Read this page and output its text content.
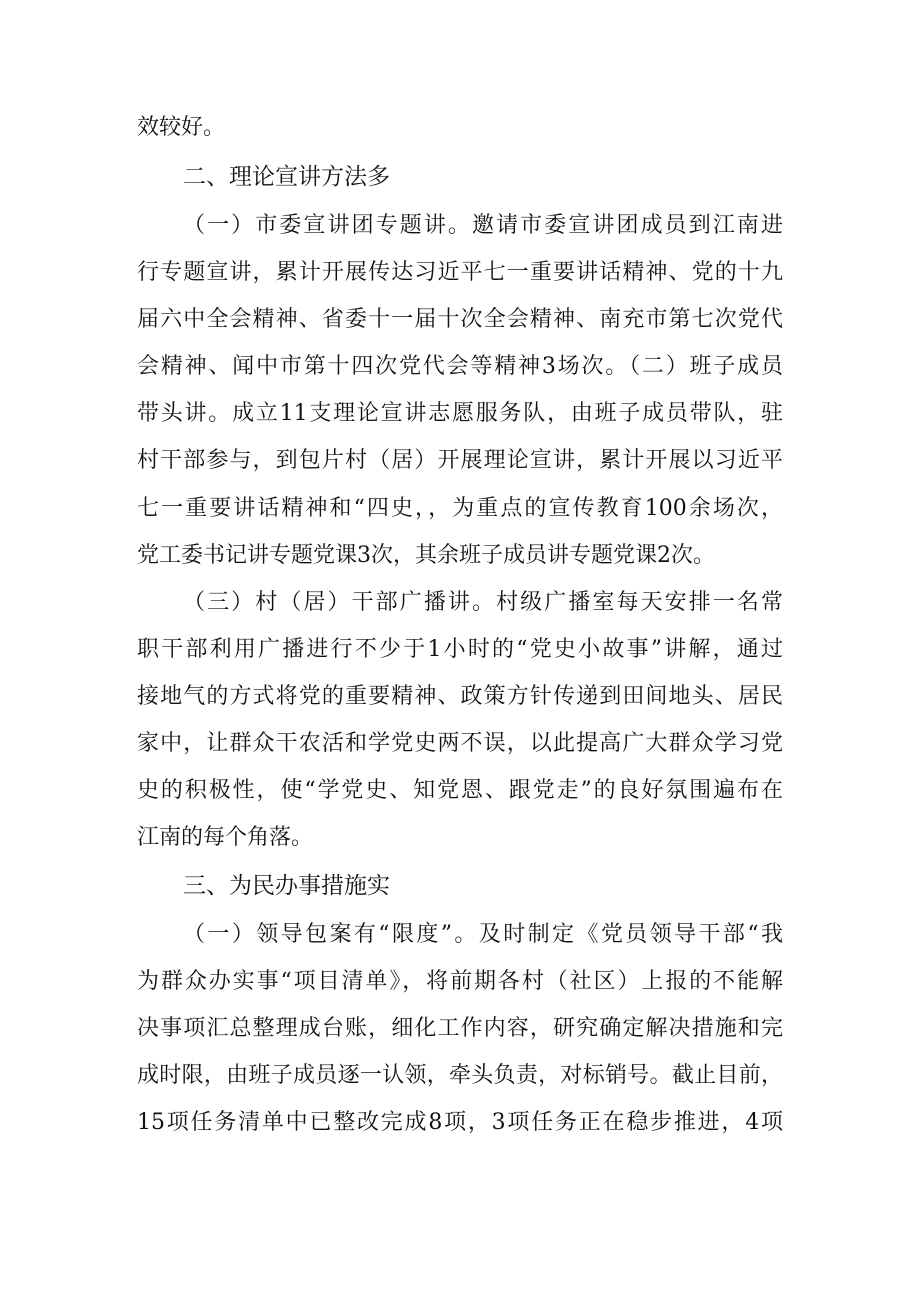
效较好。
二、理论宣讲方法多
（一）市委宣讲团专题讲。邀请市委宣讲团成员到江南进
行专题宣讲，累计开展传达习近平七一重要讲话精神、党的十九
届六中全会精神、省委十一届十次全会精神、南充市第七次党代
会精神、闻中市第十四次党代会等精神3场次。（二）班子成员
带头讲。成立11支理论宣讲志愿服务队，由班子成员带队，驻
村干部参与，到包片村（居）开展理论宣讲，累计开展以习近平
七一重要讲话精神和“四史，，为重点的宣传教育100余场次，
党工委书记讲专题党课3次，其余班子成员讲专题党课2次。
（三）村（居）干部广播讲。村级广播室每天安排一名常
职干部利用广播进行不少于1小时的“党史小故事”讲解，通过
接地气的方式将党的重要精神、政策方针传递到田间地头、居民
家中，让群众干农活和学党史两不误，以此提高广大群众学习党
史的积极性，使“学党史、知党恩、跟党走”的良好氛围遍布在
江南的每个角落。
三、为民办事措施实
（一）领导包案有“限度”。及时制定《党员领导干部“我
为群众办实事“项目清单》，将前期各村（社区）上报的不能解
决事项汇总整理成台账，细化工作内容，研究确定解决措施和完
成时限，由班子成员逐一认领，牵头负责，对标销号。截止目前，
15项任务清单中已整改完成8项，3项任务正在稳步推进，4项
